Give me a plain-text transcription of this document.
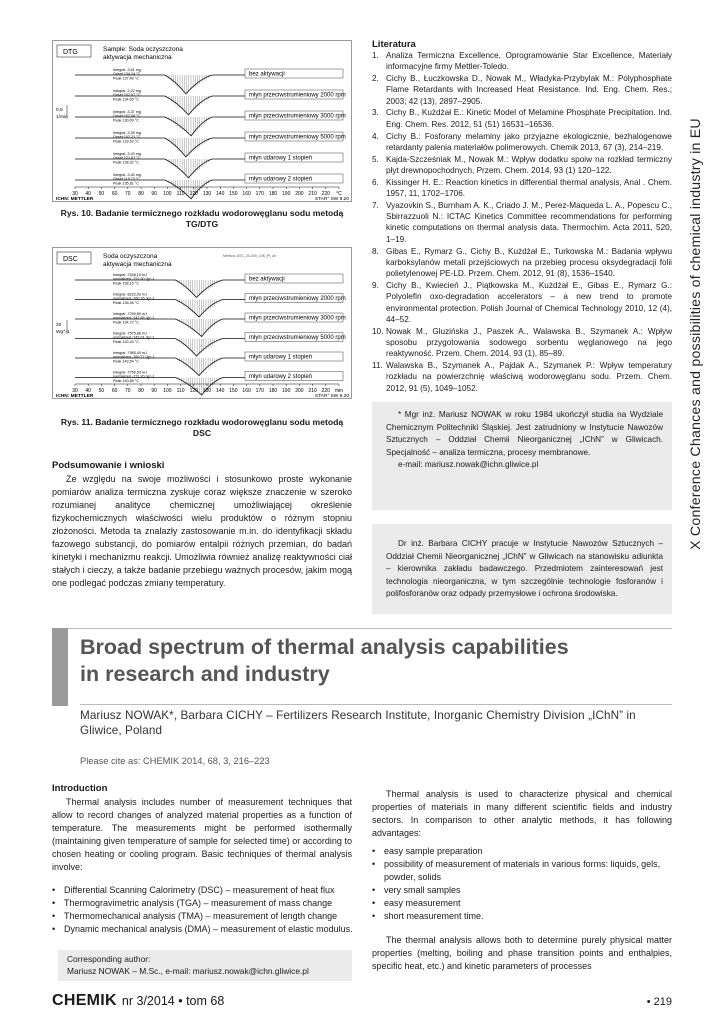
X Conference Chances and possibilities of chemical industry in EU
DTG	Sample: Soda oczyszczona
aktywacja mechaniczna
0,5
1/min
Integral -3,61 mg
Onset 134,24 °C
Peak 137,49 °C
bez aktywacji
Integral -3,22 mg
Onset 102,67 °C
Peak 134,65 °C
młyn przeciwstrumieniowy 2000 rpm
Integral -3,37 mg
Onset 102,06 °C
Peak 130,09 °C
młyn przeciwstrumieniowy 3000 rpm
Integral -3,39 mg
Onset 102,31 °C
Peak 129,52 °C
młyn przeciwstrumieniowy 5000 rpm
Integral -3,43 mg
Onset 121,87 °C
Peak 138,32 °C
młyn udarowy 1 stopień
Integral -3,40 mg
Onset 119,73 °C
Peak 135,81 °C
młyn udarowy 2 stopień
30 40 50 60 70 80 90 100 110 120 130 140 150 160 170 180 190 200 210 220 °C
ICHN: METTLER	STAR° SW 9.20
Rys. 10. Badanie termicznego rozkładu wodorowęglanu sodu metodą TG/DTG
DSC	Soda oczyszczona
aktywacja mechaniczna
Method: DSC_20-300_10K_Pt_air
20
Wg^-1
Integral -7538,15 mJ
normalized -791,60 Jg^-1
Peak 158,15 °C
bez aktywacji
Integral -8222,93 mJ
normalized -760,76 Jg^-1
Peak 135,45 °C
młyn przeciwstrumieniowy 2000 rpm
Integral -7290,80 mJ
normalized -742,65 Jg^-1
Peak 134,72 °C
młyn przeciwstrumieniowy 3000 rpm
Integral -7575,88 mJ
normalized -742,01 Jg^-1
Peak 133,40 °C
młyn przeciwstrumieniowy 5000 rpm
Integral -7980,40 mJ
normalized -760,77 Jg^-1
Peak 143,54 °C
młyn udarowy 1 stopień
Integral -7750,53 mJ
normalized -771,20 Jg^-1
Peak 140,89 °C
młyn udarowy 2 stopień
30 40 50 60 70 80 90 100 110 120 130 140 150 160 170 180 190 200 210 220 min
ICHN: METTLER	STAR° SW 9.20
Rys. 11. Badanie termicznego rozkładu wodorowęglanu sodu metodą DSC
Podsumowanie i wnioski
Ze względu na swoje możliwości i stosunkowo proste wykonanie pomiarów analiza termiczna zyskuje coraz większe znaczenie w szeroko rozumianej analityce chemicznej umożliwiającej określenie fizykochemicznych właściwości wielu produktów o różnym stopniu złożoności. Metoda ta znalazły zastosowanie m.in. do identyfikacji składu fazowego substancji, do pomiarów entalpii różnych przemian, do badań kinetyki i mechanizmu reakcji. Umożliwia również analizę reaktywności ciał stałych i cieczy, a także badanie przebiegu ważnych procesów, jakim mogą one podlegać podczas zmiany temperatury.
Literatura
1. Analiza Termiczna Excellence, Oprogramowanie Star Excellence, Materiały informacyjne firmy Mettler-Toledo.
2. Cichy B., Łuczkowska D., Nowak M., Władyka-Przybylak M.: Polyphosphate Flame Retardants with Increased Heat Resistance. Ind. Eng. Chem. Res.; 2003; 42 (13), 2897–2905.
3. Cichy B., Kużdżał E.: Kinetic Model of Melamine Phosphate Precipitation. Ind. Eng. Chem. Res. 2012, 51 (51) 16531–16536.
4. Cichy B.: Fosforany melaminy jako przyjazne ekologicznie, bezhalogenowe retardanty palenia materiałów polimerowych. Chemik 2013, 67 (3), 214–219.
5. Kajda-Szcześniak M., Nowak M.: Wpływ dodatku spoiw na rozkład termiczny płyt drewnopochodnych, Przem. Chem. 2014, 93 (1) 120–122.
6. Kissinger H. E.: Reaction kinetics in differential thermal analysis, Anal . Chem. 1957, 11, 1702–1706.
7. Vyazovkin S., Burnham A. K., Criado J. M., Perez-Maqueda L. A., Popescu C., Sbirrazzuoli N.: ICTAC Kinetics Committee recommendations for performing kinetic computations on thermal analysis data. Thermochim. Acta 2011, 520, 1–19.
8. Gibas E., Rymarz G., Cichy B., Kużdżał E., Turkowska M.: Badania wpływu karboksylanów metali przejściowych na przebieg procesu oksydegradacji folii polietylenowej PE-LD. Przem. Chem. 2012, 91 (8), 1536–1540.
9. Cichy B., Kwiecień J., Piątkowska M., Kużdżał E., Gibas E., Rymarz G.: Polyolefin oxo-degradation accelerators – a new trend to promote environmental protection. Polish Journal of Chemical Technology 2010, 12 (4), 44–52.
10. Nowak M., Gluzińska J., Paszek A., Walawska B., Szymanek A.: Wpływ sposobu przygotowania sodowego sorbentu węglanowego na jego reaktywność. Przem. Chem. 2014, 93 (1), 85–89.
11. Walawska B., Szymanek A., Pajdak A., Szymanek P.: Wpływ temperatury rozkładu na powierzchnię właściwą wodorowęglanu sodu. Przem. Chem. 2012, 91 (5), 1049–1052.
* Mgr inż. Mariusz NOWAK w roku 1984 ukończył studia na Wydziale Chemicznym Politechniki Śląskiej. Jest zatrudniony w Instytucie Nawozów Sztucznych – Oddział Chemii Nieorganicznej „IChN” w Gliwicach. Specjalność – analiza termiczna, procesy membranowe.
e-mail: mariusz.nowak@ichn.gliwice.pl
Dr inż. Barbara CICHY pracuje w Instytucie Nawozów Sztucznych – Oddział Chemii Nieorganicznej „IChN” w Gliwicach na stanowisku adiunkta – kierownika zakładu badawczego. Przedmiotem zainteresowań jest technologia nieorganiczna, w tym szczególnie technologie fosforanów i polifosforanów oraz odpady przemysłowe i ochrona środowiska.
Broad spectrum of thermal analysis capabilities
in research and industry
Mariusz NOWAK*, Barbara CICHY – Fertilizers Research Institute, Inorganic Chemistry Division „IChN” in Gliwice, Poland
Please cite as: CHEMIK 2014, 68, 3, 216–223
Introduction
Thermal analysis includes number of measurement techniques that allow to record changes of analyzed material properties as a function of temperature. The measurements might be performed isothermally (maintaining given temperature of sample for selected time) or according to chosen heating or cooling program. Basic techniques of thermal analysis involve:
• Differential Scanning Calorimetry (DSC) – measurement of heat flux
• Thermogravimetric analysis (TGA) – measurement of mass change
• Thermomechanical analysis (TMA) – measurement of length change
• Dynamic mechanical analysis (DMA) – measurement of elastic modulus.
Corresponding author:
Mariusz NOWAK – M.Sc., e-mail: mariusz.nowak@ichn.gliwice.pl
Thermal analysis is used to characterize physical and chemical properties of materials in many different scientific fields and industry sectors. In comparison to other analytic methods, it has following advantages:
• easy sample preparation
• possibility of measurement of materials in various forms: liquids, gels, powder, solids
• very small samples
• easy measurement
• short measurement time.
The thermal analysis allows both to determine purely physical matter properties (melting, boiling and phase transition points and enthalpies, specific heat, etc.) and kinetic parameters of processes
CHEMIK nr 3/2014 • tom 68	• 219
